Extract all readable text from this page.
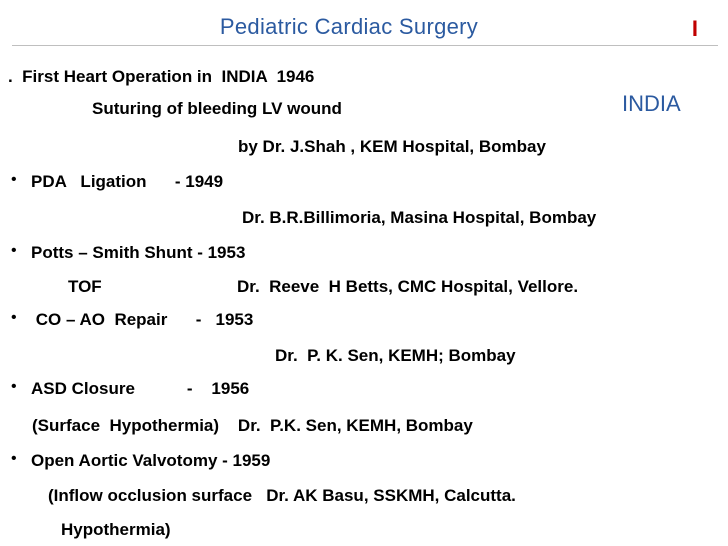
Pediatric Cardiac Surgery	I
INDIA
.  First Heart Operation in  INDIA  1946
Suturing of bleeding LV wound
by Dr. J.Shah , KEM Hospital, Bombay
• PDA   Ligation      - 1949
Dr. B.R.Billimoria, Masina Hospital, Bombay
• Potts – Smith Shunt - 1953
TOF	Dr.  Reeve  H Betts, CMC Hospital, Vellore.
• CO – AO  Repair      -   1953
Dr.  P. K. Sen, KEMH; Bombay
• ASD Closure           -    1956
(Surface  Hypothermia)    Dr.  P.K. Sen, KEMH, Bombay
• Open Aortic Valvotomy - 1959
(Inflow occlusion surface   Dr. AK Basu, SSKMH, Calcutta.
Hypothermia)
